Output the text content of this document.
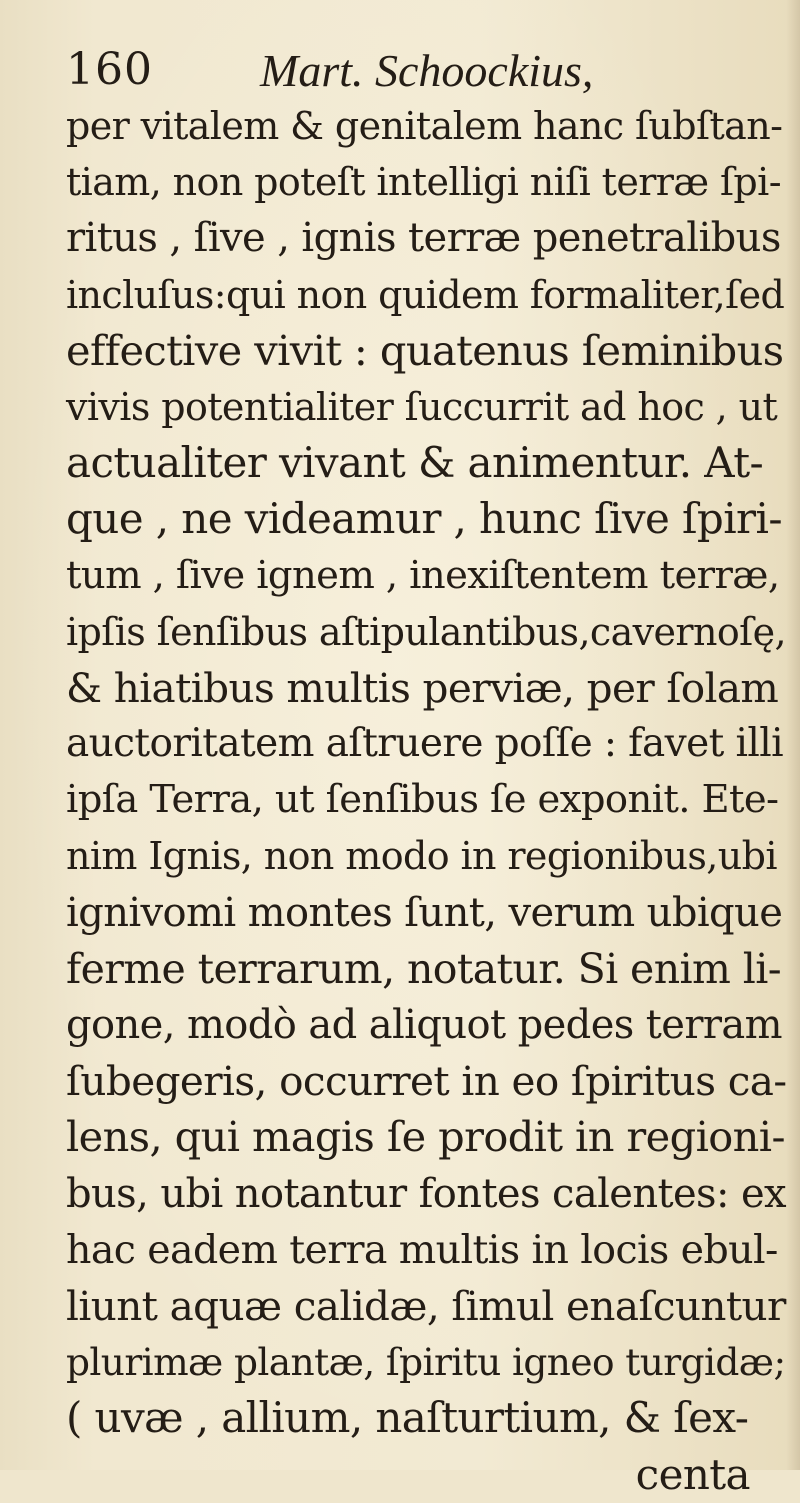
160 Mart. Schoockius,
per vitalem & genitalem hanc ſubſtan-
tiam, non poteſt intelligi niſi terræ ſpi-
ritus , ſive , ignis terræ penetralibus
incluſus:qui non quidem formaliter,ſed
effective vivit : quatenus ſeminibus
vivis potentialiter ſuccurrit ad hoc , ut
actualiter vivant & animentur. At-
que , ne videamur , hunc ſive ſpiri-
tum , ſive ignem , inexiſtentem terræ,
ipſis ſenſibus aſtipulantibus,cavernoſę,
& hiatibus multis perviæ, per ſolam
auctoritatem aſtruere poſſe : favet illi
ipſa Terra, ut ſenſibus ſe exponit. Ete-
nim Ignis, non modo in regionibus,ubi
ignivomi montes ſunt, verum ubique
ferme terrarum, notatur. Si enim li-
gone, modò ad aliquot pedes terram
ſubegeris, occurret in eo ſpiritus ca-
lens, qui magis ſe prodit in regioni-
bus, ubi notantur fontes calentes: ex
hac eadem terra multis in locis ebul-
liunt aquæ calidæ, ſimul enaſcuntur
plurimæ plantæ, ſpiritu igneo turgidæ;
( uvæ , allium, naſturtium, & ſex-
centa
